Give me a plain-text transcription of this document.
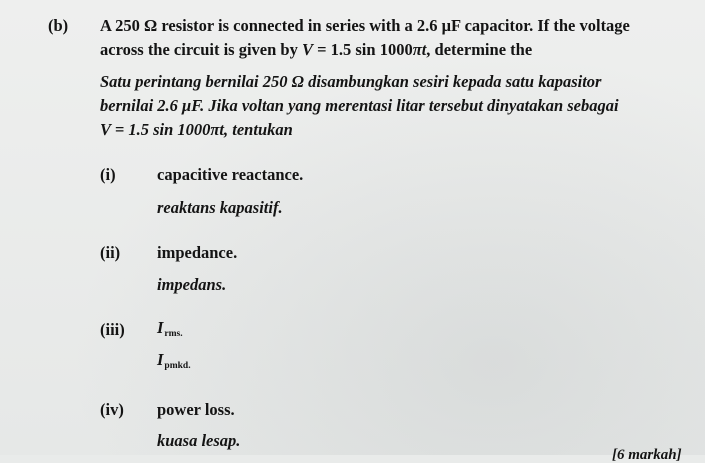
(b) A 250 Ω resistor is connected in series with a 2.6 μF capacitor. If the voltage
across the circuit is given by V = 1.5 sin 1000πt, determine the
Satu perintang bernilai 250 Ω disambungkan sesiri kepada satu kapasitor
bernilai 2.6 μF. Jika voltan yang merentasi litar tersebut dinyatakan sebagai
V = 1.5 sin 1000πt, tentukan
(i)	capacitive reactance.
reaktans kapasitif.
(ii) impedance.
impedans.
(iii) $I_{rms.}$
$I_{pmkd.}$
(iv) power loss.
kuasa lesap.
[6 markah]
